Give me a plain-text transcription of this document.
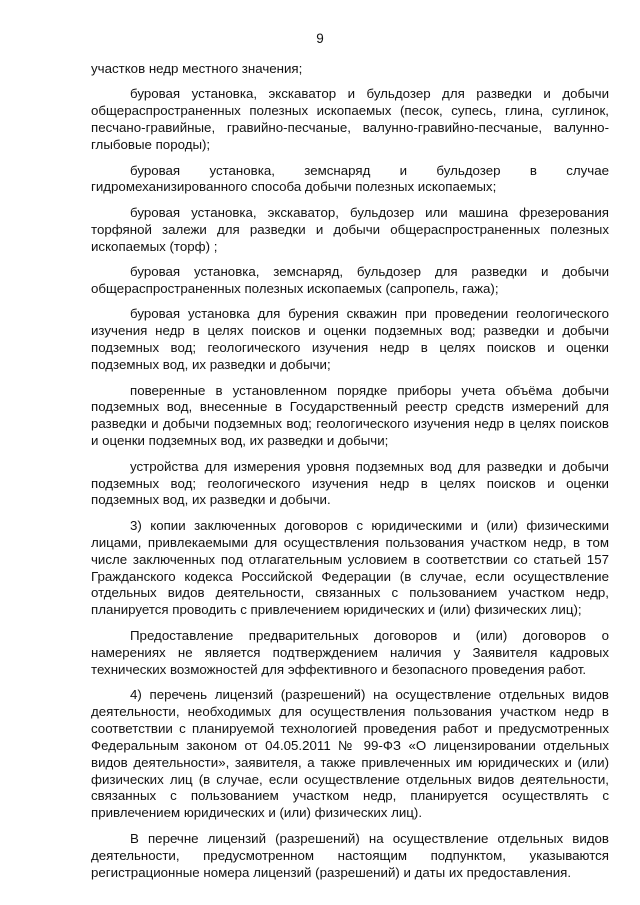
9

участков недр местного значения;

буровая установка, экскаватор и бульдозер для разведки и добычи общераспространенных полезных ископаемых (песок, супесь, глина, суглинок, песчано-гравийные, гравийно-песчаные, валунно-гравийно-песчаные, валунно-глыбовые породы);

буровая установка, земснаряд и бульдозер в случае гидромеханизированного способа добычи полезных ископаемых;

буровая установка, экскаватор, бульдозер или машина фрезерования торфяной залежи для разведки и добычи общераспространенных полезных ископаемых (торф) ;

буровая установка, земснаряд, бульдозер для разведки и добычи общераспространенных полезных ископаемых (сапропель, гажа);

буровая установка для бурения скважин при проведении геологического изучения недр в целях поисков и оценки подземных вод; разведки и добычи подземных вод; геологического изучения недр в целях поисков и оценки подземных вод, их разведки и добычи;

поверенные в установленном порядке приборы учета объёма добычи подземных вод, внесенные в Государственный реестр средств измерений для разведки и добычи подземных вод; геологического изучения недр в целях поисков и оценки подземных вод, их разведки и добычи;

устройства для измерения уровня подземных вод для разведки и добычи подземных вод; геологического изучения недр в целях поисков и оценки подземных вод, их разведки и добычи.

3) копии заключенных договоров с юридическими и (или) физическими лицами, привлекаемыми для осуществления пользования участком недр, в том числе заключенных под отлагательным условием в соответствии со статьей 157 Гражданского кодекса Российской Федерации (в случае, если осуществление отдельных видов деятельности, связанных с пользованием участком недр, планируется проводить с привлечением юридических и (или) физических лиц);

Предоставление предварительных договоров и (или) договоров о намерениях не является подтверждением наличия у Заявителя кадровых технических возможностей для эффективного и безопасного проведения работ.

4) перечень лицензий (разрешений) на осуществление отдельных видов деятельности, необходимых для осуществления пользования участком недр в соответствии с планируемой технологией проведения работ и предусмотренных Федеральным законом от 04.05.2011 № 99-ФЗ «О лицензировании отдельных видов деятельности», заявителя, а также привлеченных им юридических и (или) физических лиц (в случае, если осуществление отдельных видов деятельности, связанных с пользованием участком недр, планируется осуществлять с привлечением юридических и (или) физических лиц).

В перечне лицензий (разрешений) на осуществление отдельных видов деятельности, предусмотренном настоящим подпунктом, указываются регистрационные номера лицензий (разрешений) и даты их предоставления.
